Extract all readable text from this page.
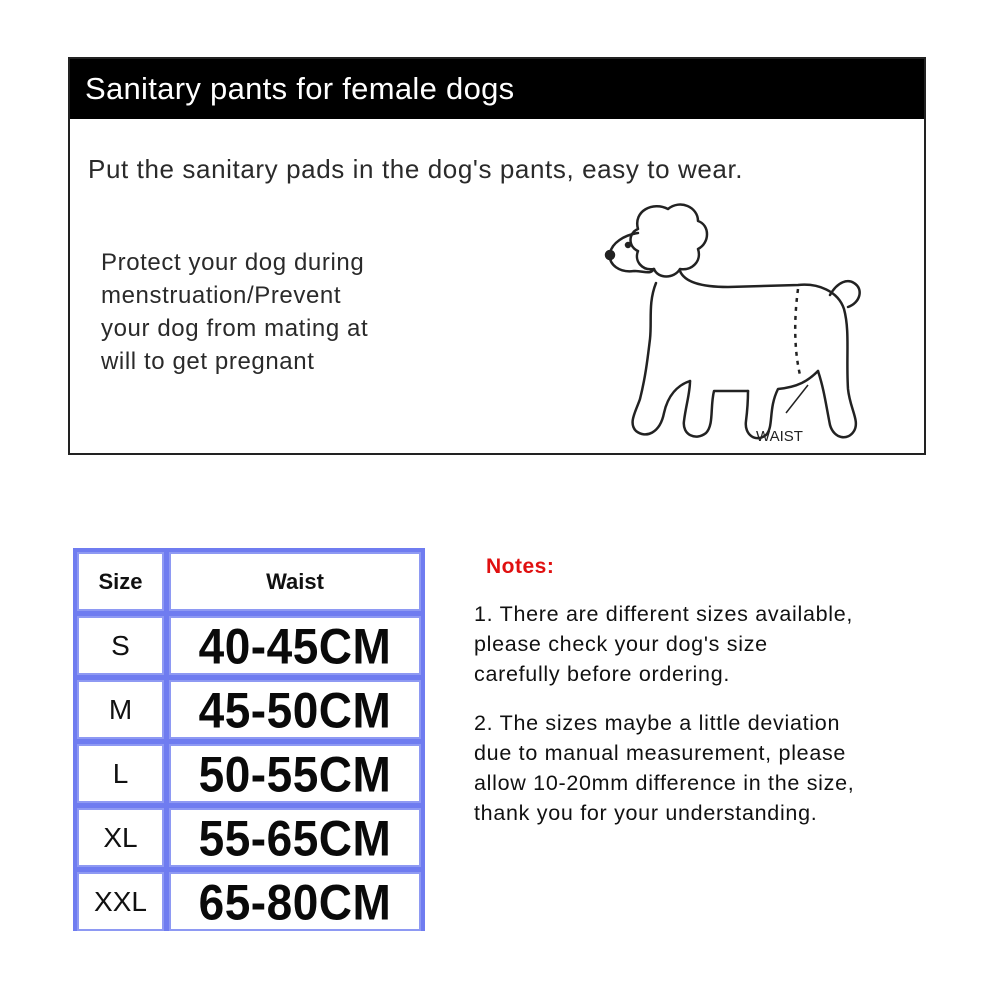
Sanitary pants for female dogs
Put the sanitary pads in the dog's pants, easy to wear.
Protect your dog during
menstruation/Prevent
your dog from mating at
will to get pregnant
WAIST
Size	Waist
S	40-45CM
M	45-50CM
L	50-55CM
XL	55-65CM
XXL	65-80CM
Notes:
1. There are different sizes available,
please check your dog's size
carefully before ordering.
2. The sizes maybe a little deviation
due to manual measurement, please
allow 10-20mm difference in the size,
thank you for your understanding.
